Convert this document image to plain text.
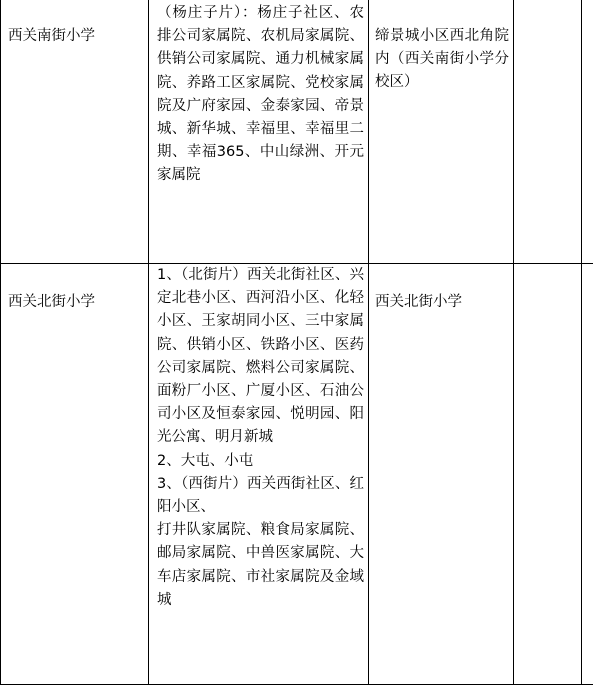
西关南街小学	（杨庄子片）：杨庄子社区、农排公司家属院、农机局家属院、供销公司家属院、通力机械家属院、养路工区家属院、党校家属院及广府家园、金泰家园、帝景城、新华城、幸福里、幸福里二期、幸福365、中山绿洲、开元家属院	缔景城小区西北角院内（西关南街小学分校区）		

西关北街小学	1、（北街片）西关北街社区、兴定北巷小区、西河沿小区、化轻小区、王家胡同小区、三中家属院、供销小区、铁路小区、医药公司家属院、燃料公司家属院、面粉厂小区、广厦小区、石油公司小区及恒泰家园、悦明园、阳光公寓、明月新城
2、大屯、小屯
3、（西街片）西关西街社区、红阳小区、
打井队家属院、粮食局家属院、邮局家属院、中兽医家属院、大车店家属院、市社家属院及金域城	西关北街小学		
